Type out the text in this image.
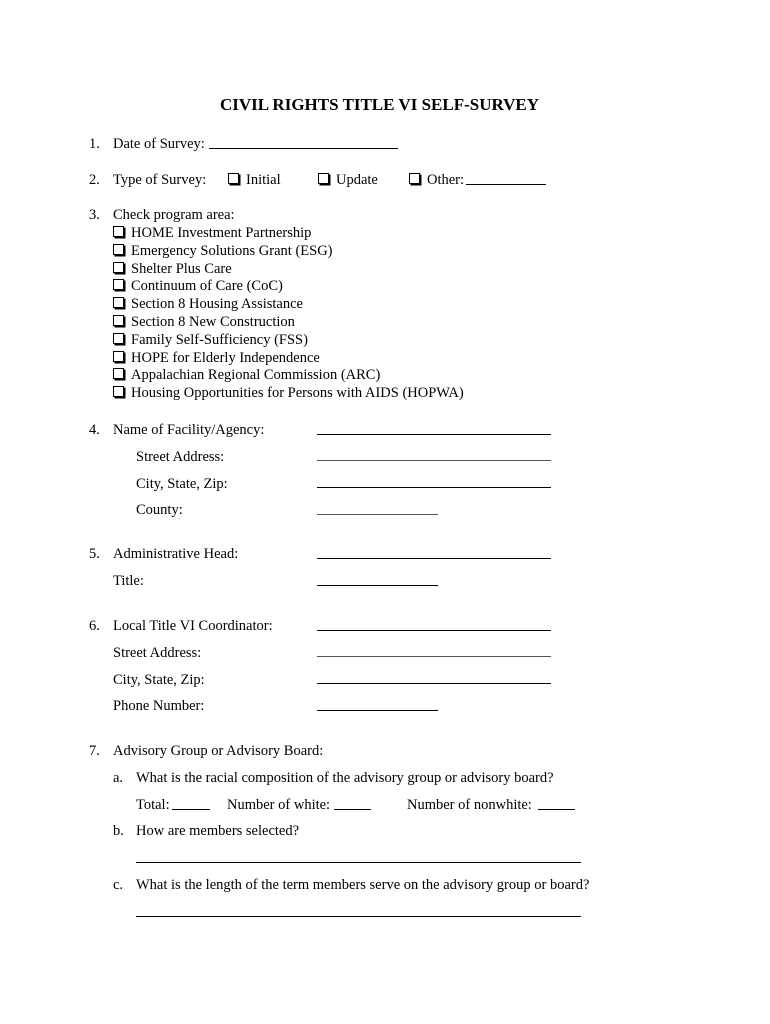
CIVIL RIGHTS TITLE VI SELF-SURVEY
1. Date of Survey:
2. Type of Survey:	Initial	Update	Other:
3. Check program area:
HOME Investment Partnership
Emergency Solutions Grant (ESG)
Shelter Plus Care
Continuum of Care (CoC)
Section 8 Housing Assistance
Section 8 New Construction
Family Self-Sufficiency (FSS)
HOPE for Elderly Independence
Appalachian Regional Commission (ARC)
Housing Opportunities for Persons with AIDS (HOPWA)
4. Name of Facility/Agency:
Street Address:
City, State, Zip:
County:
5. Administrative Head:
Title:
6. Local Title VI Coordinator:
Street Address:
City, State, Zip:
Phone Number:
7. Advisory Group or Advisory Board:
a. What is the racial composition of the advisory group or advisory board?
Total:	Number of white:	Number of nonwhite:
b. How are members selected?
c. What is the length of the term members serve on the advisory group or board?
